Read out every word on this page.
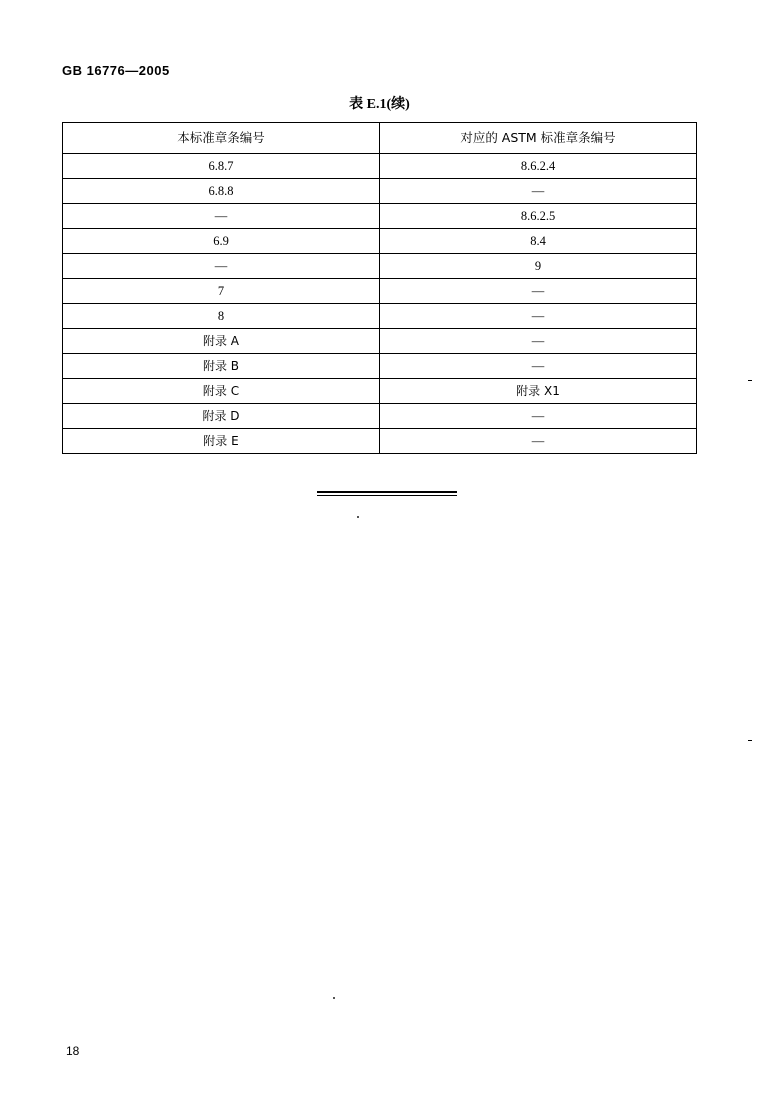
GB 16776—2005
表 E.1(续)
本标准章条编号	对应的 ASTM 标准章条编号
6.8.7	8.6.2.4
6.8.8	—
—	8.6.2.5
6.9	8.4
—	9
7	—
8	—
附录 A	—
附录 B	—
附录 C	附录 X1
附录 D	—
附录 E	—
18
